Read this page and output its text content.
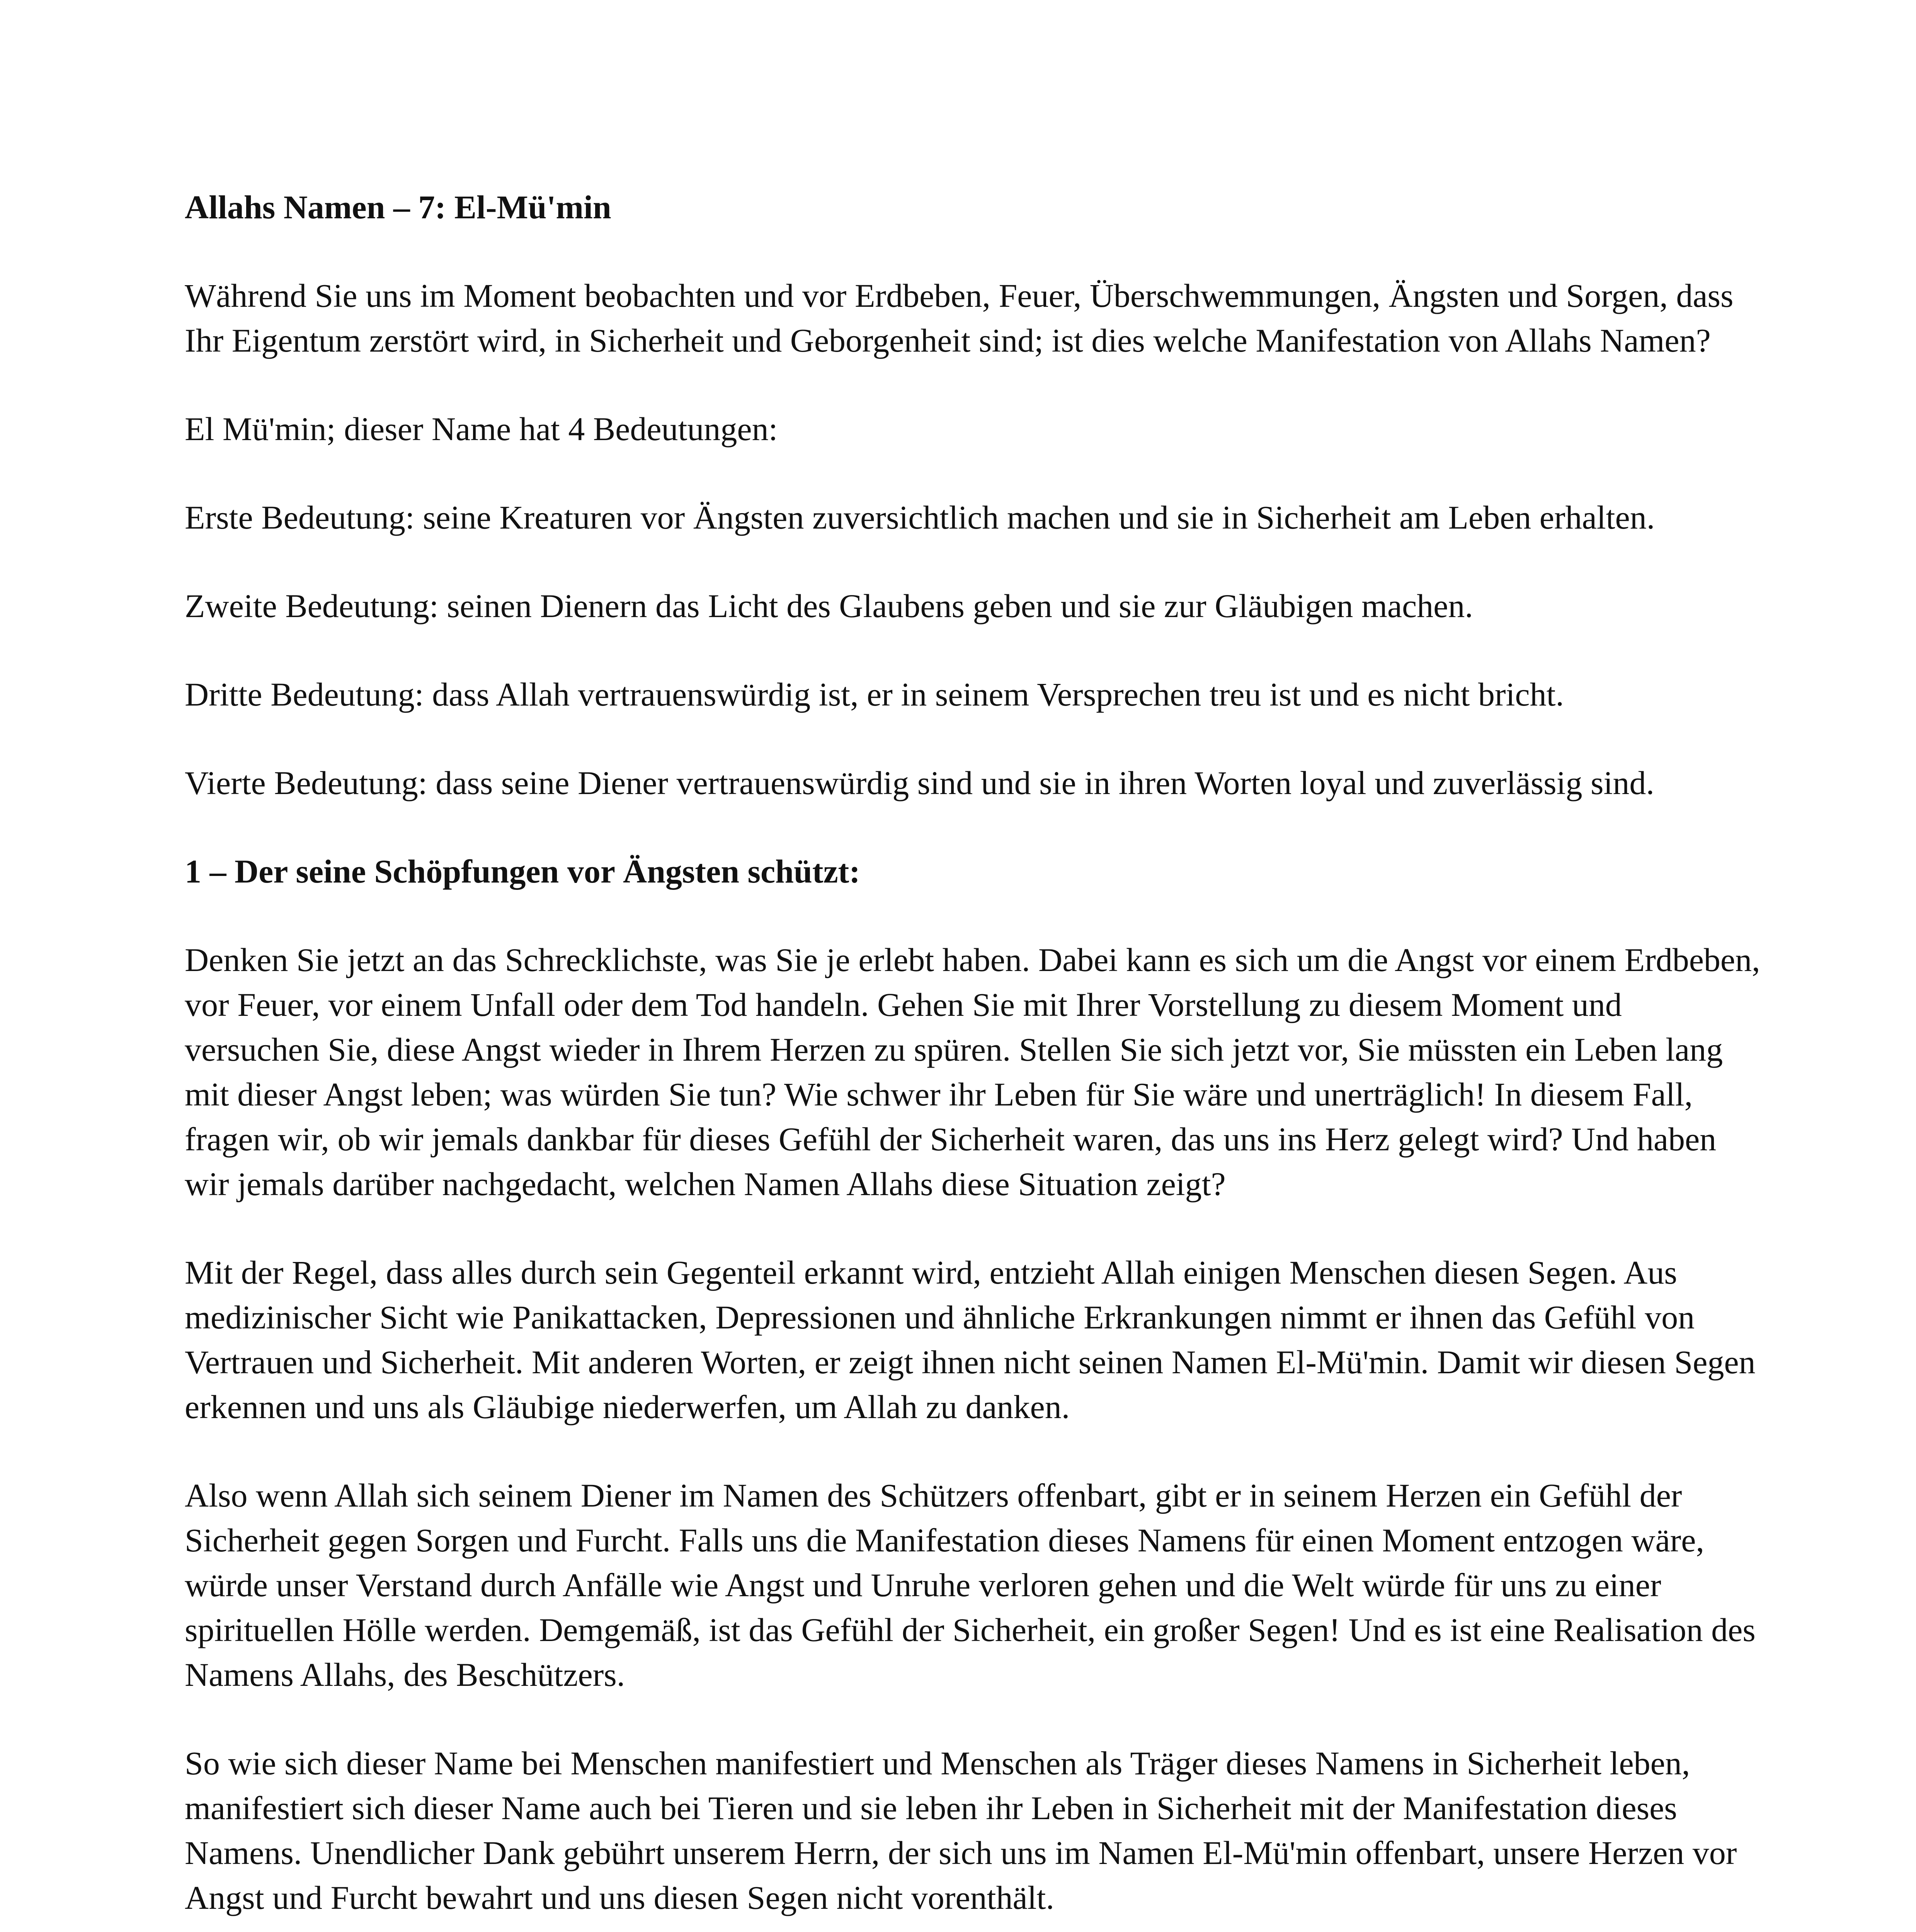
Allahs Namen – 7: El-Mü'min
Während Sie uns im Moment beobachten und vor Erdbeben, Feuer, Überschwemmungen, Ängsten und Sorgen, dass Ihr Eigentum zerstört wird, in Sicherheit und Geborgenheit sind; ist dies welche Manifestation von Allahs Namen?
El Mü'min; dieser Name hat 4 Bedeutungen:
Erste Bedeutung: seine Kreaturen vor Ängsten zuversichtlich machen und sie in Sicherheit am Leben erhalten.
Zweite Bedeutung: seinen Dienern das Licht des Glaubens geben und sie zur Gläubigen machen.
Dritte Bedeutung: dass Allah vertrauenswürdig ist, er in seinem Versprechen treu ist und es nicht bricht.
Vierte Bedeutung: dass seine Diener vertrauenswürdig sind und sie in ihren Worten loyal und zuverlässig sind.
1 – Der seine Schöpfungen vor Ängsten schützt:
Denken Sie jetzt an das Schrecklichste, was Sie je erlebt haben. Dabei kann es sich um die Angst vor einem Erdbeben, vor Feuer, vor einem Unfall oder dem Tod handeln. Gehen Sie mit Ihrer Vorstellung zu diesem Moment und versuchen Sie, diese Angst wieder in Ihrem Herzen zu spüren. Stellen Sie sich jetzt vor, Sie müssten ein Leben lang mit dieser Angst leben; was würden Sie tun? Wie schwer ihr Leben für Sie wäre und unerträglich! In diesem Fall, fragen wir, ob wir jemals dankbar für dieses Gefühl der Sicherheit waren, das uns ins Herz gelegt wird? Und haben wir jemals darüber nachgedacht, welchen Namen Allahs diese Situation zeigt?
Mit der Regel, dass alles durch sein Gegenteil erkannt wird, entzieht Allah einigen Menschen diesen Segen. Aus medizinischer Sicht wie Panikattacken, Depressionen und ähnliche Erkrankungen nimmt er ihnen das Gefühl von Vertrauen und Sicherheit. Mit anderen Worten, er zeigt ihnen nicht seinen Namen El-Mü'min. Damit wir diesen Segen erkennen und uns als Gläubige niederwerfen, um Allah zu danken.
Also wenn Allah sich seinem Diener im Namen des Schützers offenbart, gibt er in seinem Herzen ein Gefühl der Sicherheit gegen Sorgen und Furcht. Falls uns die Manifestation dieses Namens für einen Moment entzogen wäre, würde unser Verstand durch Anfälle wie Angst und Unruhe verloren gehen und die Welt würde für uns zu einer spirituellen Hölle werden. Demgemäß, ist das Gefühl der Sicherheit, ein großer Segen! Und es ist eine Realisation des Namens Allahs, des Beschützers.
So wie sich dieser Name bei Menschen manifestiert und Menschen als Träger dieses Namens in Sicherheit leben, manifestiert sich dieser Name auch bei Tieren und sie leben ihr Leben in Sicherheit mit der Manifestation dieses Namens. Unendlicher Dank gebührt unserem Herrn, der sich uns im Namen El-Mü'min offenbart, unsere Herzen vor Angst und Furcht bewahrt und uns diesen Segen nicht vorenthält.
